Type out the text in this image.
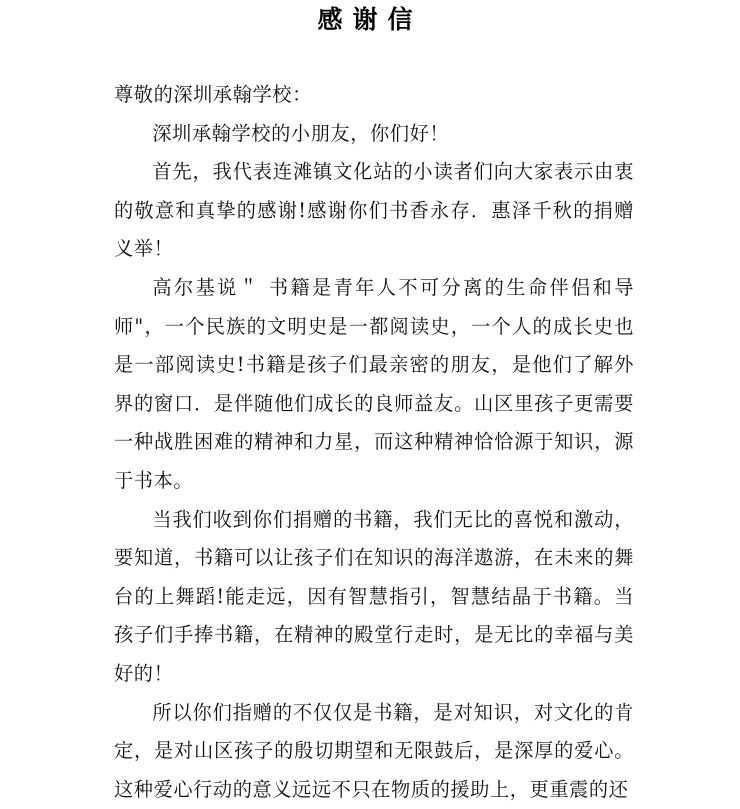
感谢信

尊敬的深圳承翰学校：

深圳承翰学校的小朋友，你们好！

首先，我代表连滩镇文化站的小读者们向大家表示由衷的敬意和真挚的感谢!感谢你们书香永存．惠泽千秋的捐赠义举！

高尔基说＂ 书籍是青年人不可分离的生命伴侣和导师"，一个民族的文明史是一都阅读史，一个人的成长史也是一部阅读史!书籍是孩子们最亲密的朋友，是他们了解外界的窗口．是伴随他们成长的良师益友。山区里孩子更需要一种战胜困难的精神和力星，而这种精神恰恰源于知识，源于书本。

当我们收到你们捐赠的书籍，我们无比的喜悦和激动，要知道，书籍可以让孩子们在知识的海洋遨游，在未来的舞台的上舞蹈!能走远，因有智慧指引，智慧结晶于书籍。当孩子们手捧书籍，在精神的殿堂行走时，是无比的幸福与美好的！

所以你们指赠的不仅仅是书籍，是对知识，对文化的肯定，是对山区孩子的殷切期望和无限鼓后，是深厚的爱心。这种爱心行动的意义远远不只在物质的援助上，更重震的还
